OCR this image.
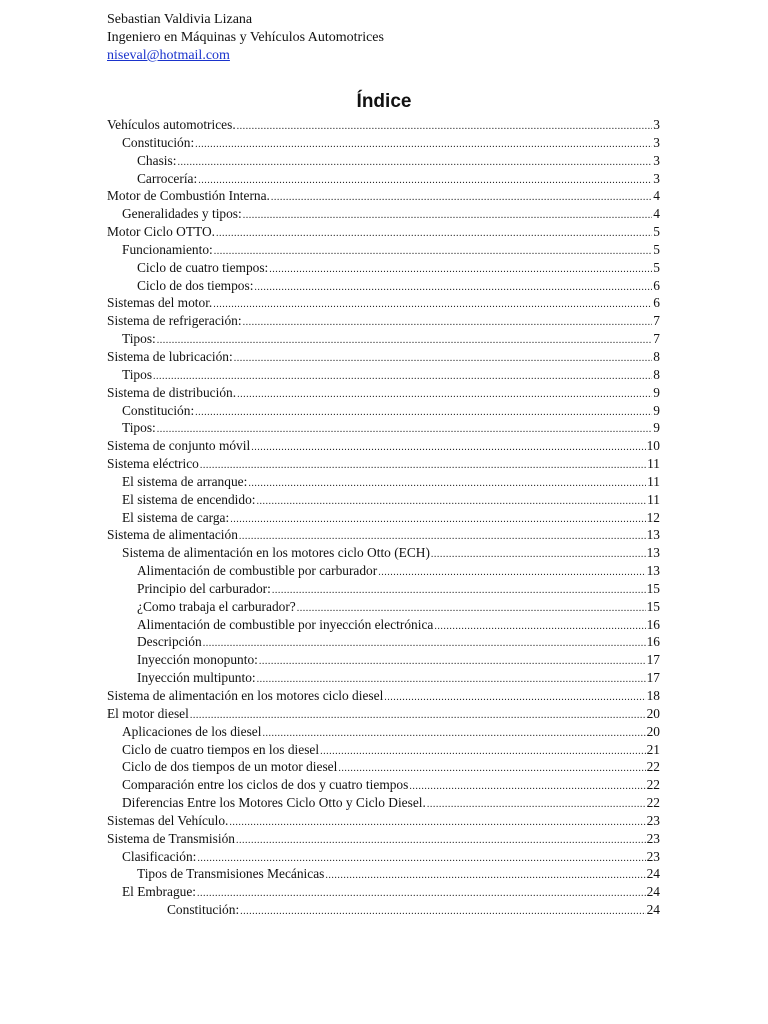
Sebastian Valdivia Lizana
Ingeniero en Máquinas y Vehículos Automotrices
niseval@hotmail.com
Índice
Vehículos automotrices. .....	3
Constitución: .....	3
Chasis: .....	3
Carrocería: .....	3
Motor de Combustión Interna. .....	4
Generalidades y tipos: .....	4
Motor Ciclo OTTO. .....	5
Funcionamiento: .....	5
Ciclo de cuatro tiempos: .....	5
Ciclo de dos tiempos: .....	6
Sistemas del motor. .....	6
Sistema de refrigeración: .....	7
Tipos: .....	7
Sistema de lubricación: .....	8
Tipos .....	8
Sistema de distribución. .....	9
Constitución: .....	9
Tipos: .....	9
Sistema de conjunto móvil .....	10
Sistema eléctrico .....	11
El sistema de arranque: .....	11
El sistema de encendido: .....	11
El sistema de carga: .....	12
Sistema de alimentación .....	13
Sistema de alimentación en los motores ciclo Otto (ECH) .....	13
Alimentación de combustible por carburador .....	13
Principio del carburador: .....	15
¿Como trabaja el carburador? .....	15
Alimentación de combustible por inyección electrónica .....	16
Descripción .....	16
Inyección monopunto: .....	17
Inyección multipunto: .....	17
Sistema de alimentación en los motores ciclo diesel .....	18
El motor diesel .....	20
Aplicaciones de los diesel .....	20
Ciclo de cuatro tiempos en los diesel .....	21
Ciclo de dos tiempos de un motor diesel .....	22
Comparación entre los ciclos de dos y cuatro tiempos .....	22
Diferencias Entre los Motores Ciclo Otto y Ciclo Diesel. .....	22
Sistemas del Vehículo. .....	23
Sistema de Transmisión .....	23
Clasificación: .....	23
Tipos de Transmisiones Mecánicas .....	24
El Embrague: .....	24
Constitución: .....	24
